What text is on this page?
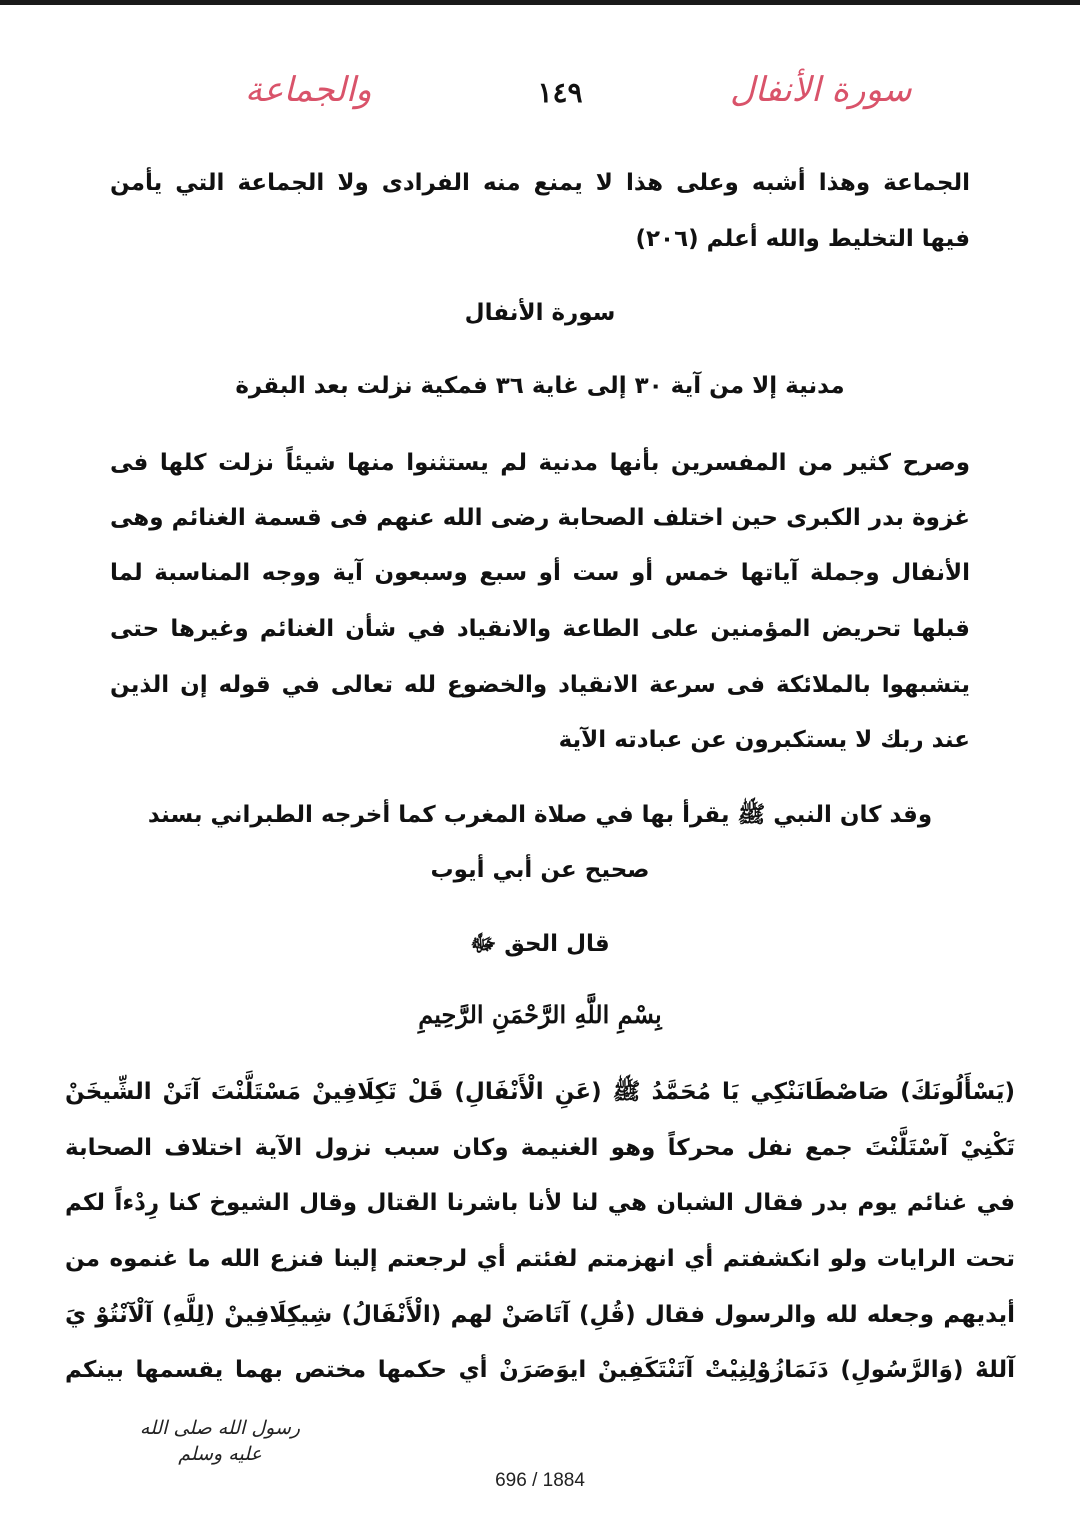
سورة الأنفال
١٤٩
والجماعة
الجماعة وهذا أشبه وعلى هذا لا يمنع منه الفرادى ولا الجماعة التي يأمن
فيها التخليط والله أعلم (٢٠٦)
سورة الأنفال
مدنية إلا من آية ٣٠ إلى غاية ٣٦ فمكية نزلت بعد البقرة
وصرح كثير من المفسرين بأنها مدنية لم يستثنوا منها شيئاً نزلت كلها فى
غزوة بدر الكبرى حين اختلف الصحابة رضى الله عنهم فى قسمة الغنائم وهى
الأنفال وجملة آياتها خمس أو ست أو سبع وسبعون آية ووجه المناسبة لما
قبلها تحريض المؤمنين على الطاعة والانقياد في شأن الغنائم وغيرها حتى
يتشبهوا بالملائكة فى سرعة الانقياد والخضوع لله تعالى في قوله إن الذين
عند ربك لا يستكبرون عن عبادته الآية
وقد كان النبي ﷺ يقرأ بها في صلاة المغرب كما أخرجه الطبراني بسند
صحيح عن أبي أيوب
قال الحق ﷻ
بِسْمِ اللَّهِ الرَّحْمَنِ الرَّحِيمِ
(يَسْأَلُونَكَ) صَاصْطَانَنْكِي يَا مُحَمَّدُ ﷺ (عَنِ الْأَنْفَالِ) قَلْ تَكِلَافِينْ مَسْتَلَّنْتَ آتَنْ الشِّيخَنْ
تَكْنِيْ آسْتَلَّنْتَ جمع نفل محركاً وهو الغنيمة وكان سبب نزول الآية اختلاف الصحابة
في غنائم يوم بدر فقال الشبان هي لنا لأنا باشرنا القتال وقال الشيوخ كنا رِدْءاً لكم
تحت الرايات ولو انكشفتم أي انهزمتم لفئتم أي لرجعتم إلينا فنزع الله ما غنموه من
أيديهم وجعله لله والرسول فقال (قُلِ) آتَاصَنْ لهم (الْأَنْفَالُ) شِيكِلَافِينْ (لِلَّهِ) آلْآنْتُوْ يَ
آللهْ (وَالرَّسُولِ) دَنَمَازُوْلِنِيْتْ آتَنْتَكَفِينْ ايوَصَرَنْ أي حكمها مختص بهما يقسمها بينكم
رسول الله صلى الله
عليه وسلم
696 / 1884
